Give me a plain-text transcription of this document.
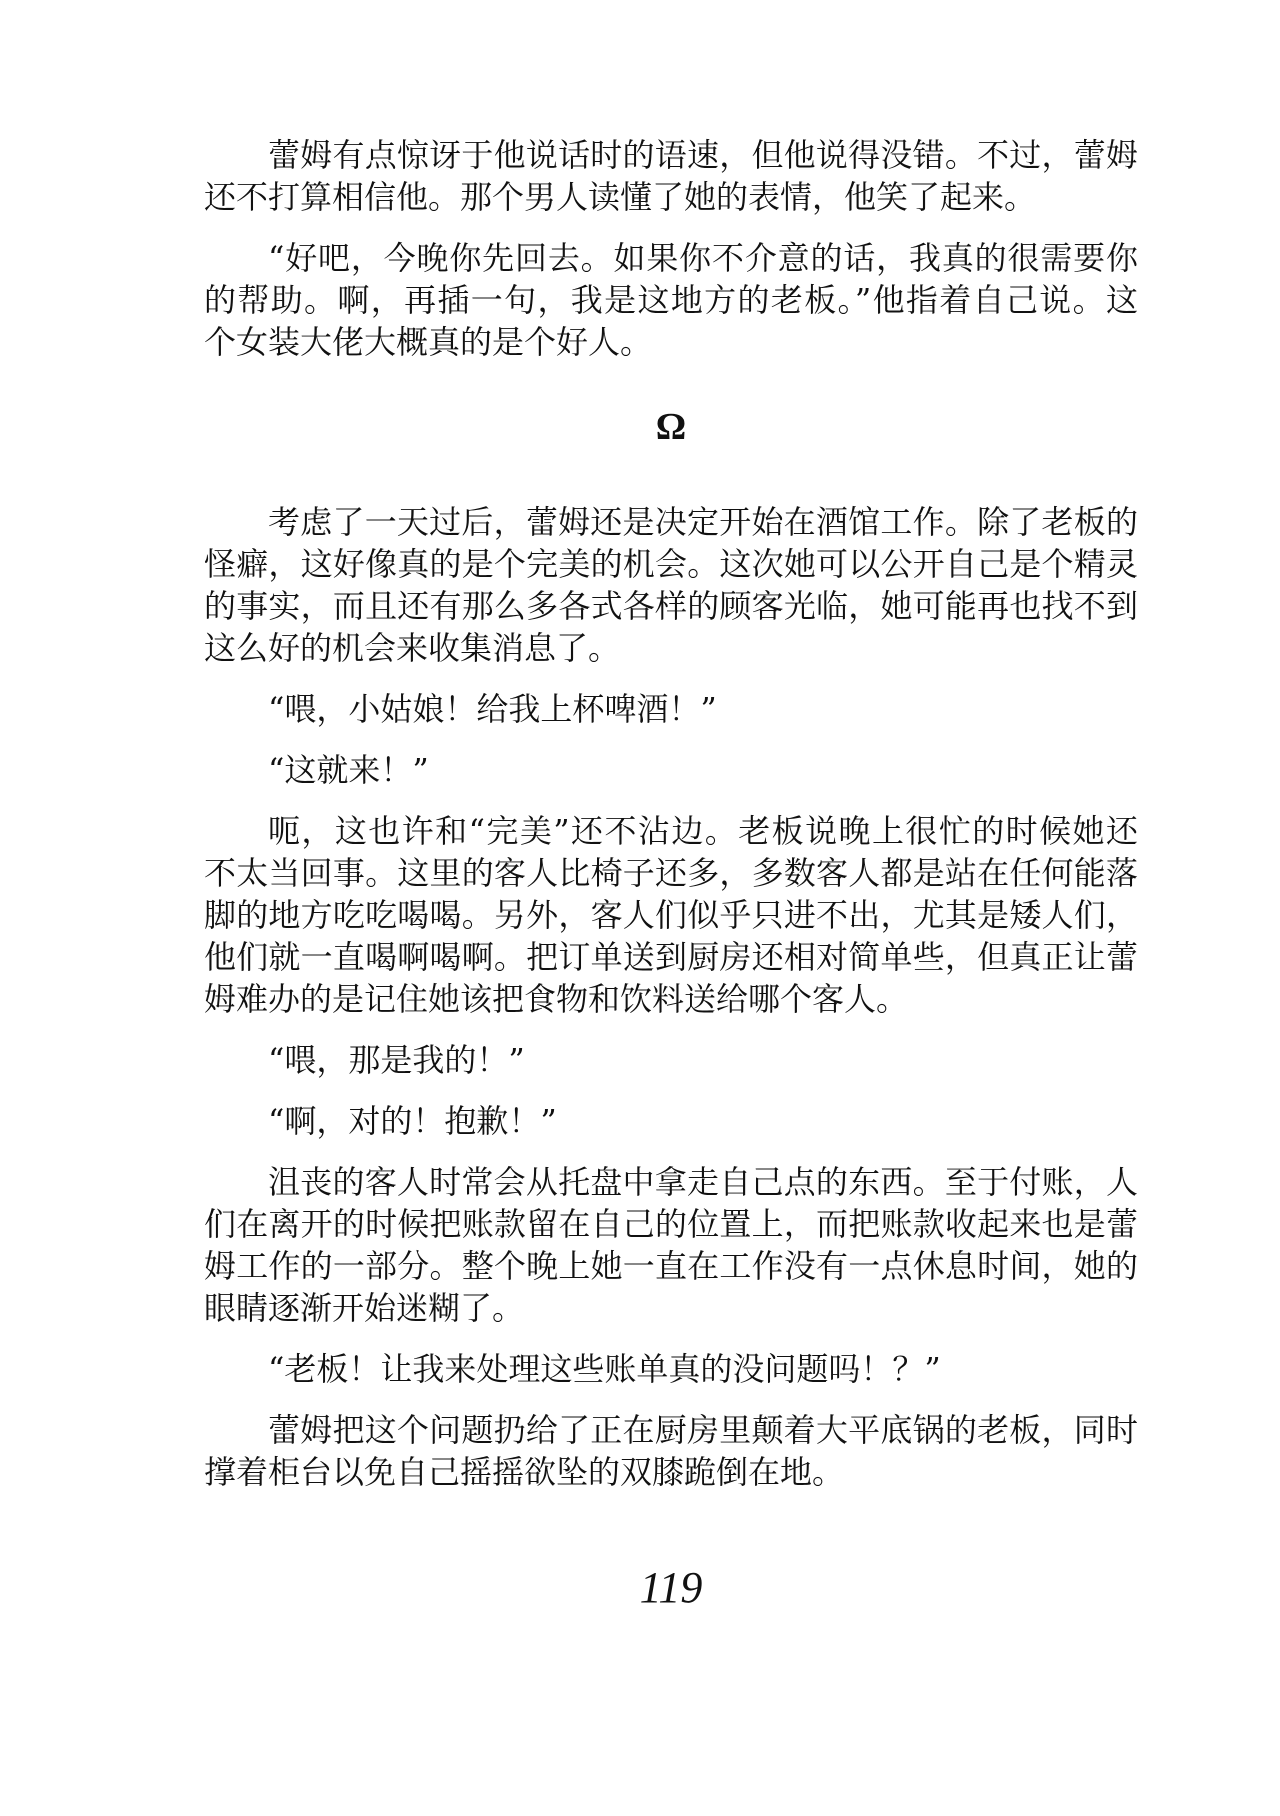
蕾姆有点惊讶于他说话时的语速，但他说得没错。不过，蕾姆
还不打算相信他。那个男人读懂了她的表情，他笑了起来。
“好吧，今晚你先回去。如果你不介意的话，我真的很需要你
的帮助。啊，再插一句，我是这地方的老板。”他指着自己说。这
个女装大佬大概真的是个好人。
Ω
考虑了一天过后，蕾姆还是决定开始在酒馆工作。除了老板的
怪癖，这好像真的是个完美的机会。这次她可以公开自己是个精灵
的事实，而且还有那么多各式各样的顾客光临，她可能再也找不到
这么好的机会来收集消息了。
“喂，小姑娘！给我上杯啤酒！”
“这就来！”
呃，这也许和“完美”还不沾边。老板说晚上很忙的时候她还
不太当回事。这里的客人比椅子还多，多数客人都是站在任何能落
脚的地方吃吃喝喝。另外，客人们似乎只进不出，尤其是矮人们，
他们就一直喝啊喝啊。把订单送到厨房还相对简单些，但真正让蕾
姆难办的是记住她该把食物和饮料送给哪个客人。
“喂，那是我的！”
“啊，对的！抱歉！”
沮丧的客人时常会从托盘中拿走自己点的东西。至于付账，人
们在离开的时候把账款留在自己的位置上，而把账款收起来也是蕾
姆工作的一部分。整个晚上她一直在工作没有一点休息时间，她的
眼睛逐渐开始迷糊了。
“老板！让我来处理这些账单真的没问题吗！？”
蕾姆把这个问题扔给了正在厨房里颠着大平底锅的老板，同时
撑着柜台以免自己摇摇欲坠的双膝跪倒在地。
119
